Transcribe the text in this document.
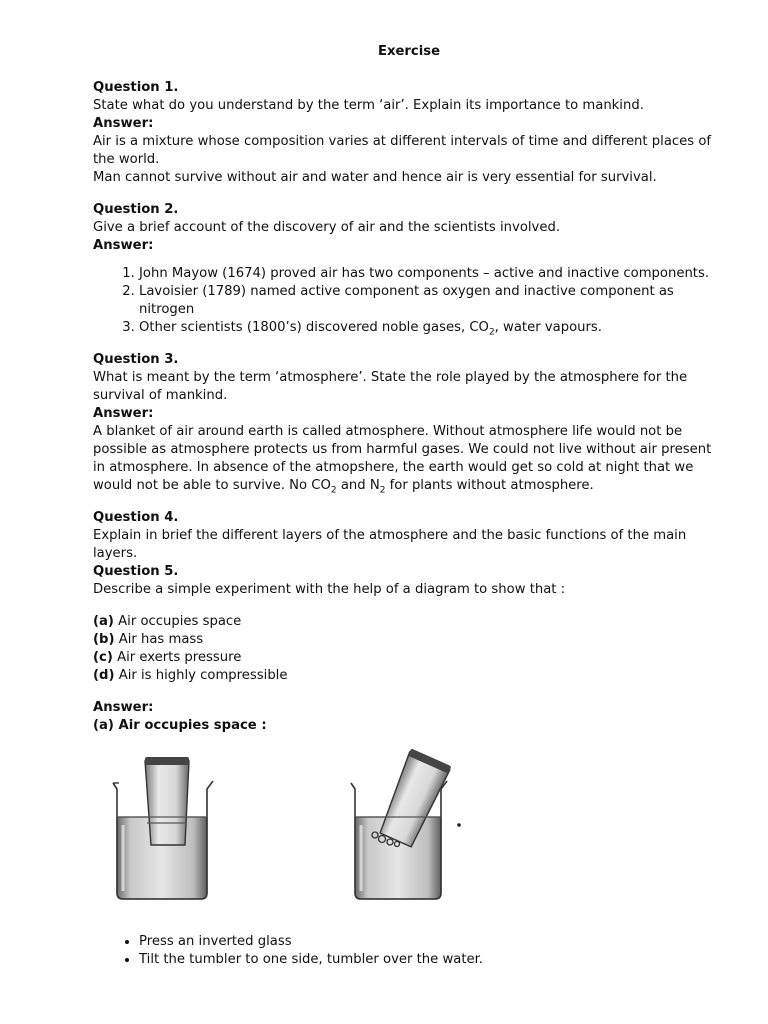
Exercise

Question 1.

State what do you understand by the term ‘air’. Explain its importance to mankind.

Answer:

Air is a mixture whose composition varies at different intervals of time and different places of the world.

Man cannot survive without air and water and hence air is very essential for survival.

Question 2.

Give a brief account of the discovery of air and the scientists involved.

Answer:

1. John Mayow (1674) proved air has two components – active and inactive components.
2. Lavoisier (1789) named active component as oxygen and inactive component as nitrogen
3. Other scientists (1800’s) discovered noble gases, $CO_2$, water vapours.

Question 3.

What is meant by the term ‘atmosphere’. State the role played by the atmosphere for the survival of mankind.

Answer:

A blanket of air around earth is called atmosphere. Without atmosphere life would not be possible as atmosphere protects us from harmful gases. We could not live without air present in atmosphere. In absence of the atmopshere, the earth would get so cold at night that we would not be able to survive. No $CO_2$ and $N_2$ for plants without atmosphere.

Question 4.

Explain in brief the different layers of the atmosphere and the basic functions of the main layers.

Question 5.

Describe a simple experiment with the help of a diagram to show that :

(a) Air occupies space

(b) Air has mass

(c) Air exerts pressure

(d) Air is highly compressible

Answer:

(a) Air occupies space :

• Press an inverted glass
• Tilt the tumbler to one side, tumbler over the water.
